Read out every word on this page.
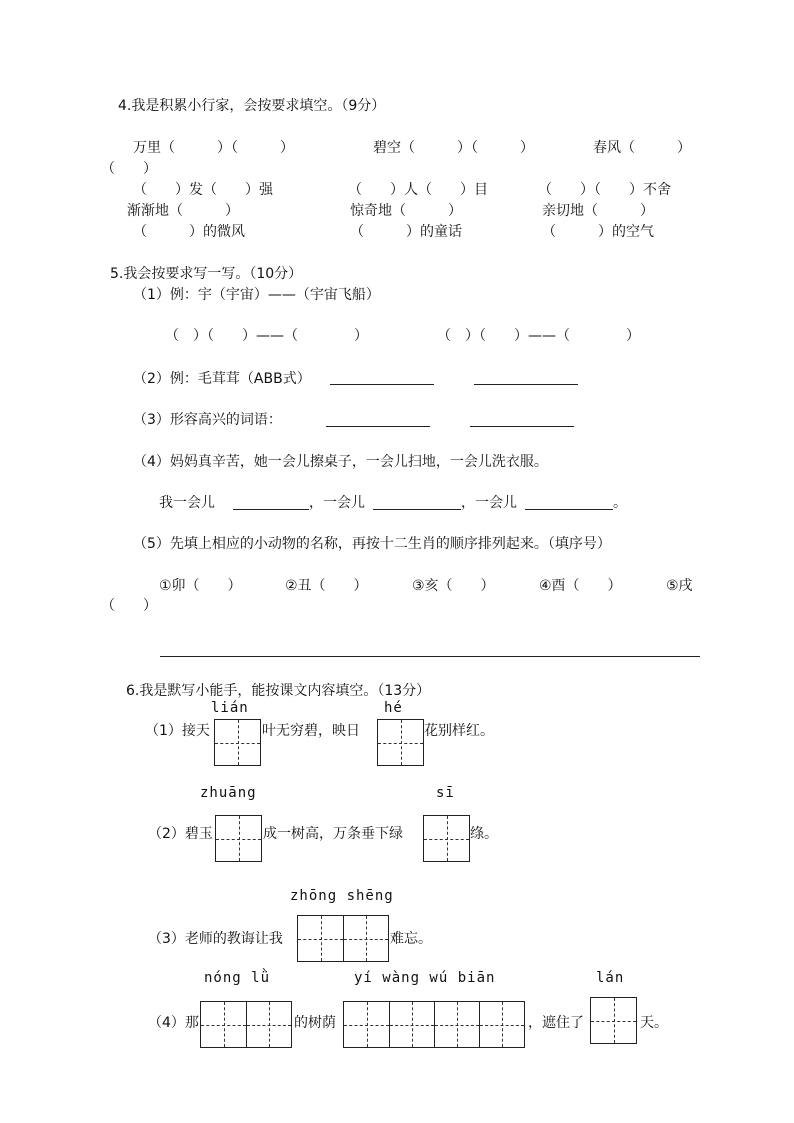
4.我是积累小行家，会按要求填空。（9分）
万里（　　　）（　　　）	碧空（　　　）（　　　）	春风（　　　）
（　　）
（　　）发（　　）强	（　　）人（　　）目	（　　）（　　）不舍
渐渐地（　　　）	惊奇地（　　　）	亲切地（　　　）
（　　　）的微风	（　　　）的童话	（　　　）的空气
5.我会按要求写一写。（10分）
（1）例：宇（宇宙）——（宇宙飞船）
（　）（　　）——（　　　　）	（　）（　　）——（　　　　）
（2）例：毛茸茸（ABB式）
（3）形容高兴的词语：
（4）妈妈真辛苦，她一会儿擦桌子，一会儿扫地，一会儿洗衣服。
我一会儿	，一会儿	，一会儿	。
（5）先填上相应的小动物的名称，再按十二生肖的顺序排列起来。（填序号）
①卯（　　）	②丑（　　）	③亥（　　）	④酉（　　）	⑤戌
（　　）
6.我是默写小能手，能按课文内容填空。（13分）
lián	hé
（1）接天	叶无穷碧，映日	花别样红。
zhuāng	sī
（2）碧玉	成一树高，万条垂下绿	绦。
zhōng shēng
（3）老师的教诲让我	难忘。
nóng lǜ	yí wàng wú biān	lán
（4）那	的树荫	，遮住了	天。
